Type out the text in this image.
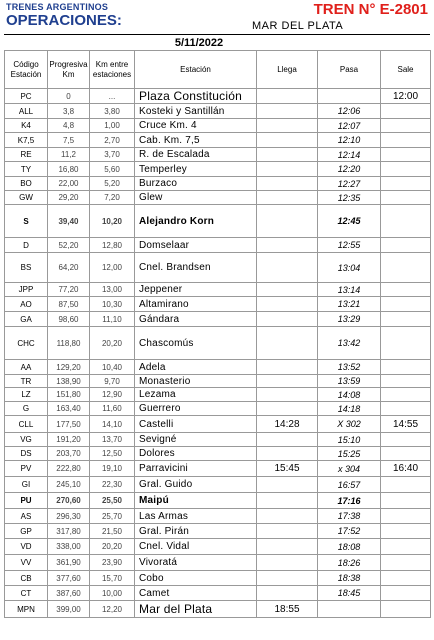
TRENES ARGENTINOS
OPERACIONES:
TREN N° E-2801
MAR DEL PLATA
5/11/2022
Código Estación	Progresiva Km	Km entre estaciones	Estación	Llega	Pasa	Sale
PC	0	...	Plaza Constitución			12:00
ALL	3,8	3,80	Kosteki y Santillán		12:06	
K4	4,8	1,00	Cruce Km. 4		12:07	
K7,5	7,5	2,70	Cab. Km. 7,5		12:10	
RE	11,2	3,70	R. de Escalada		12:14	
TY	16,80	5,60	Temperley		12:20	
BO	22,00	5,20	Burzaco		12:27	
GW	29,20	7,20	Glew		12:35	
S	39,40	10,20	Alejandro Korn		12:45	
D	52,20	12,80	Domselaar		12:55	
BS	64,20	12,00	Cnel. Brandsen		13:04	
JPP	77,20	13,00	Jeppener		13:14	
AO	87,50	10,30	Altamirano		13:21	
GA	98,60	11,10	Gándara		13:29	
CHC	118,80	20,20	Chascomús		13:42	
AA	129,20	10,40	Adela		13:52	
TR	138,90	9,70	Monasterio		13:59	
LZ	151,80	12,90	Lezama		14:08	
G	163,40	11,60	Guerrero		14:18	
CLL	177,50	14,10	Castelli	14:28	X 302	14:55
VG	191,20	13,70	Sevigné		15:10	
DS	203,70	12,50	Dolores		15:25	
PV	222,80	19,10	Parravicini	15:45	x 304	16:40
GI	245,10	22,30	Gral. Guido		16:57	
PU	270,60	25,50	Maipú		17:16	
AS	296,30	25,70	Las Armas		17:38	
GP	317,80	21,50	Gral. Pirán		17:52	
VD	338,00	20,20	Cnel. Vidal		18:08	
VV	361,90	23,90	Vivoratá		18:26	
CB	377,60	15,70	Cobo		18:38	
CT	387,60	10,00	Camet		18:45	
MPN	399,00	12,20	Mar del Plata	18:55		
